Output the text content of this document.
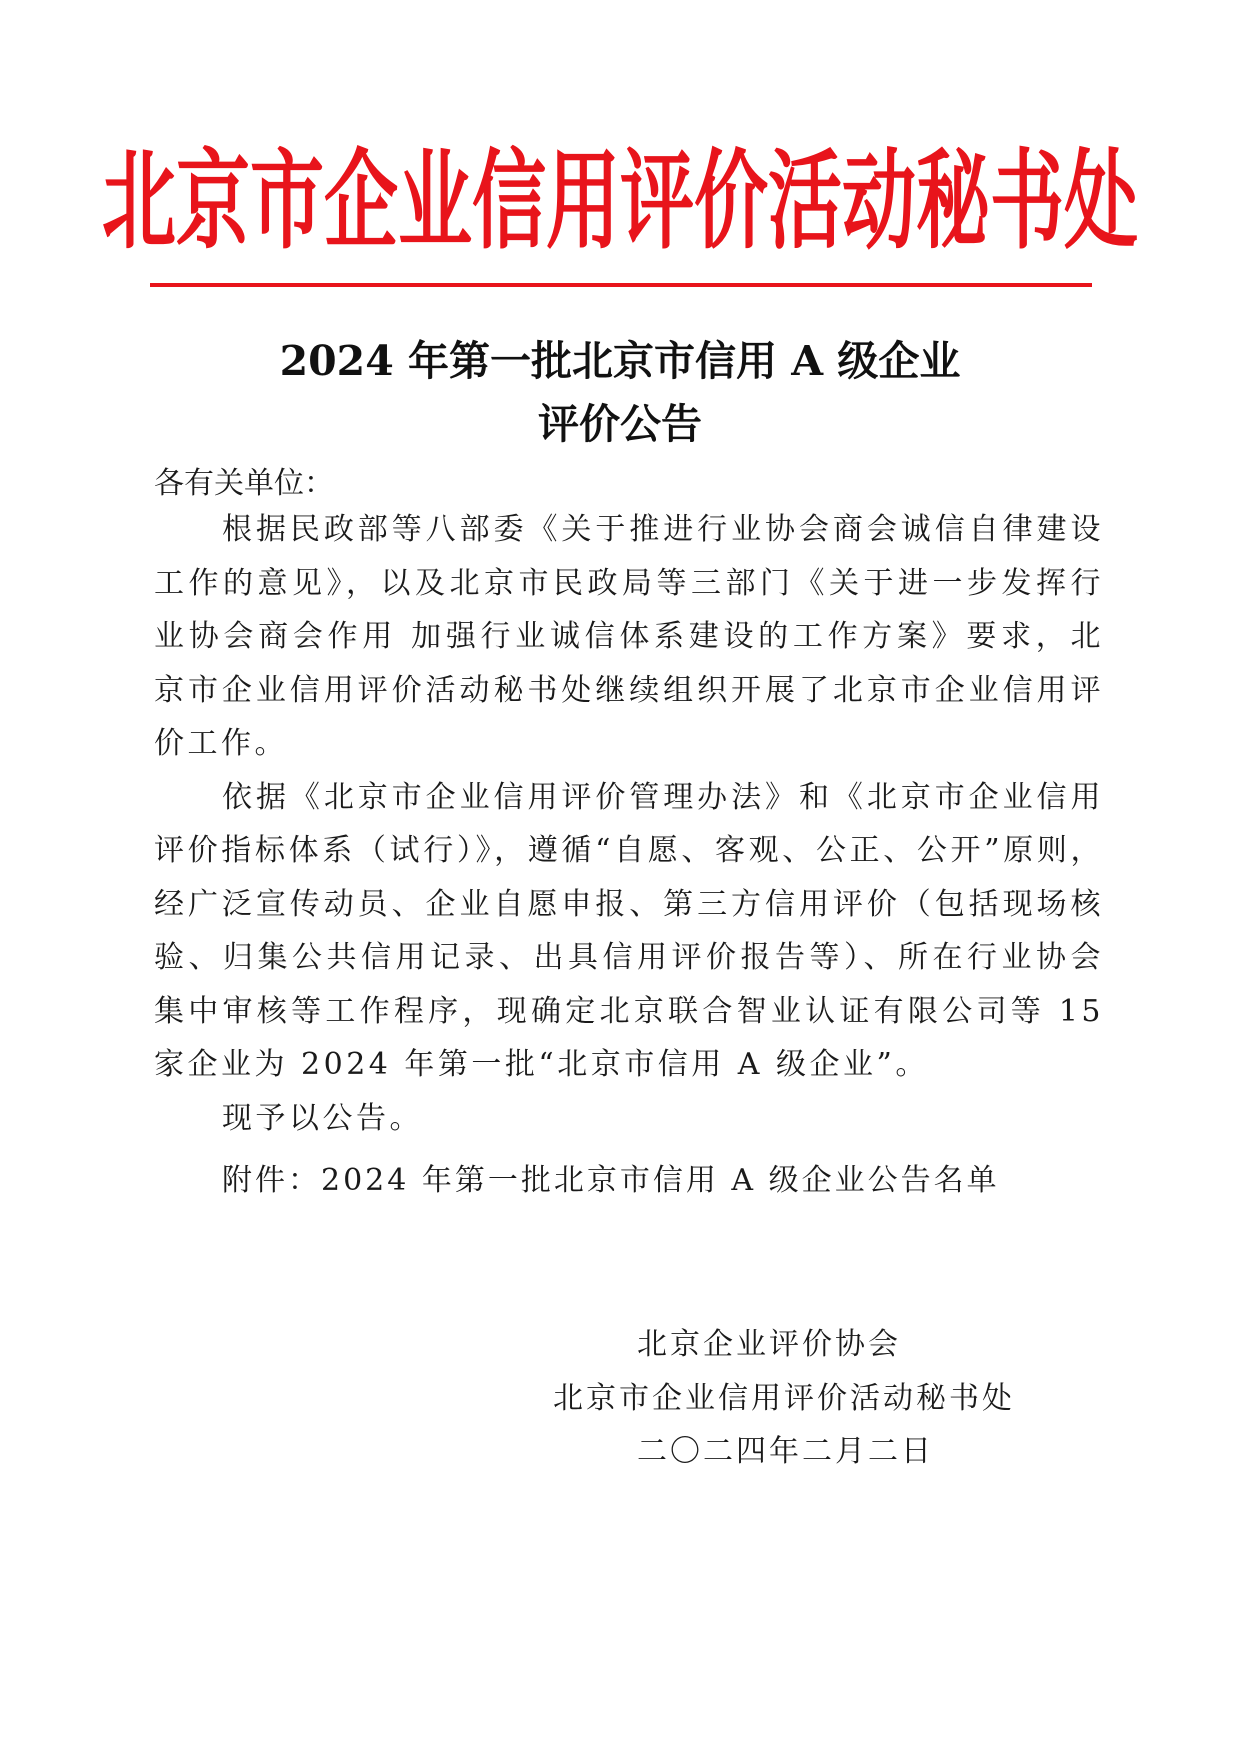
北京市企业信用评价活动秘书处
2024 年第一批北京市信用 A 级企业
评价公告
各有关单位：

根据民政部等八部委《关于推进行业协会商会诚信自律建设工作的意见》，以及北京市民政局等三部门《关于进一步发挥行业协会商会作用 加强行业诚信体系建设的工作方案》要求，北京市企业信用评价活动秘书处继续组织开展了北京市企业信用评价工作。

依据《北京市企业信用评价管理办法》和《北京市企业信用评价指标体系（试行）》，遵循“自愿、客观、公正、公开”原则，经广泛宣传动员、企业自愿申报、第三方信用评价（包括现场核验、归集公共信用记录、出具信用评价报告等）、所在行业协会集中审核等工作程序，现确定北京联合智业认证有限公司等 15 家企业为 2024 年第一批“北京市信用 A 级企业”。

现予以公告。

附件：2024 年第一批北京市信用 A 级企业公告名单
北京企业评价协会
北京市企业信用评价活动秘书处
二〇二四年二月二日
